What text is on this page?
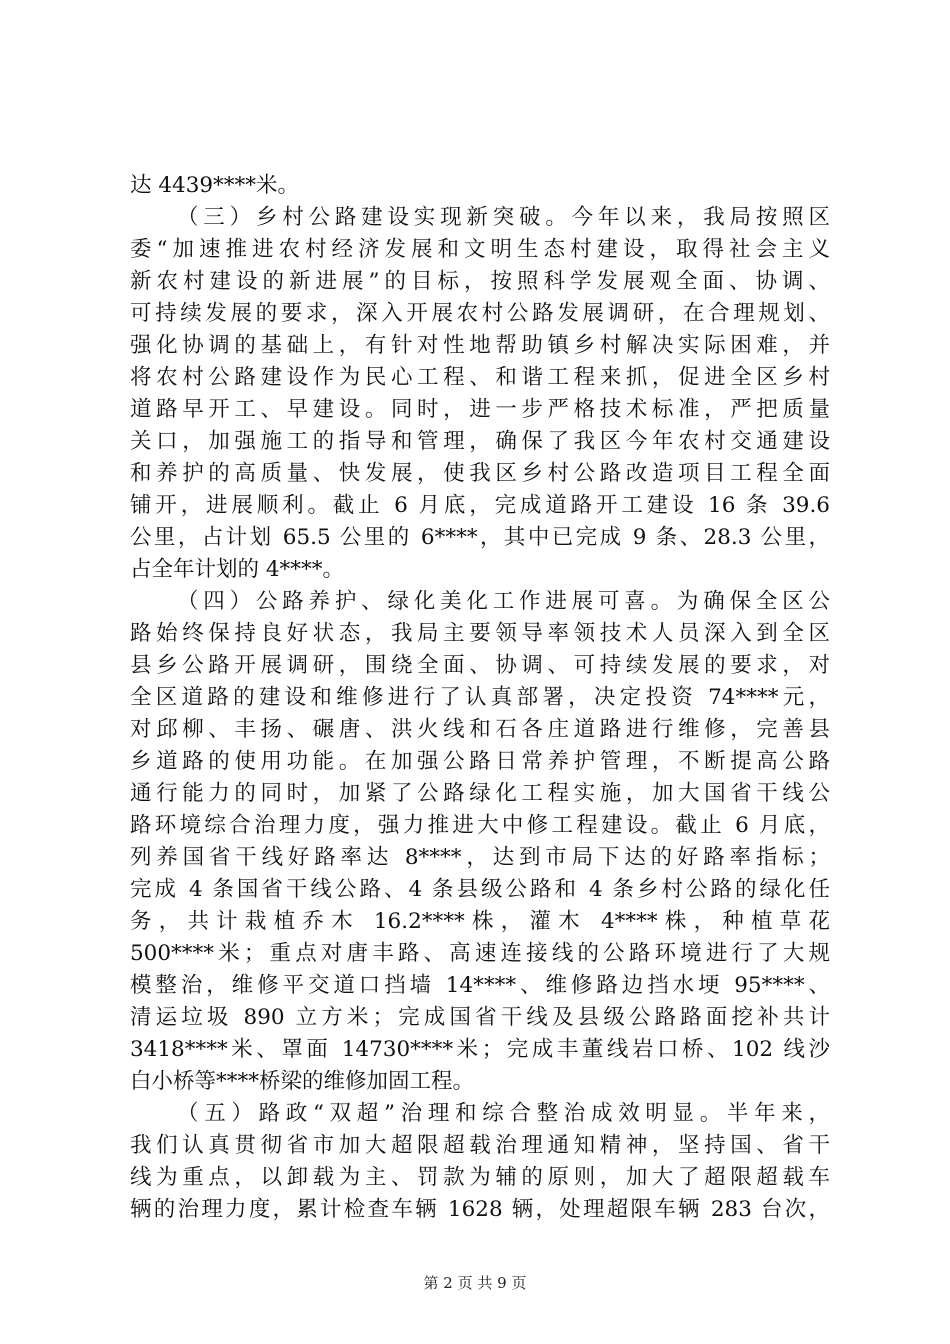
达 4439****米。
（三）乡村公路建设实现新突破。今年以来，我局按照区
委“加速推进农村经济发展和文明生态村建设，取得社会主义
新农村建设的新进展”的目标，按照科学发展观全面、协调、
可持续发展的要求，深入开展农村公路发展调研，在合理规划、
强化协调的基础上，有针对性地帮助镇乡村解决实际困难，并
将农村公路建设作为民心工程、和谐工程来抓，促进全区乡村
道路早开工、早建设。同时，进一步严格技术标准，严把质量
关口，加强施工的指导和管理，确保了我区今年农村交通建设
和养护的高质量、快发展，使我区乡村公路改造项目工程全面
铺开，进展顺利。截止 6 月底，完成道路开工建设 16 条 39.6
公里，占计划 65.5 公里的 6****，其中已完成 9 条、28.3 公里，
占全年计划的 4****。
（四）公路养护、绿化美化工作进展可喜。为确保全区公
路始终保持良好状态，我局主要领导率领技术人员深入到全区
县乡公路开展调研，围绕全面、协调、可持续发展的要求，对
全区道路的建设和维修进行了认真部署，决定投资 74****元，
对邱柳、丰扬、碾唐、洪火线和石各庄道路进行维修，完善县
乡道路的使用功能。在加强公路日常养护管理，不断提高公路
通行能力的同时，加紧了公路绿化工程实施，加大国省干线公
路环境综合治理力度，强力推进大中修工程建设。截止 6 月底，
列养国省干线好路率达 8****，达到市局下达的好路率指标；
完成 4 条国省干线公路、4 条县级公路和 4 条乡村公路的绿化任
务，共计栽植乔木 16.2****株，灌木 4****株，种植草花
500****米；重点对唐丰路、高速连接线的公路环境进行了大规
模整治，维修平交道口挡墙 14****、维修路边挡水埂 95****、
清运垃圾 890 立方米；完成国省干线及县级公路路面挖补共计
3418****米、罩面 14730****米；完成丰董线岩口桥、102 线沙
白小桥等****桥梁的维修加固工程。
（五）路政“双超”治理和综合整治成效明显。半年来，
我们认真贯彻省市加大超限超载治理通知精神，坚持国、省干
线为重点，以卸载为主、罚款为辅的原则，加大了超限超载车
辆的治理力度，累计检查车辆 1628 辆，处理超限车辆 283 台次，
第 2 页 共 9 页
